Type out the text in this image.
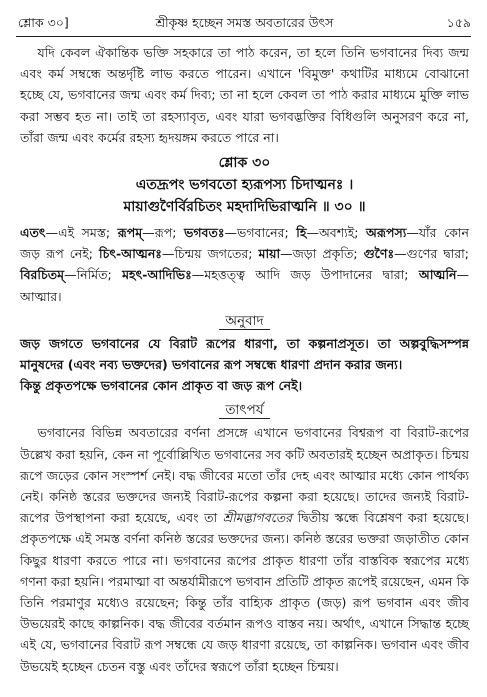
শ্লোক ৩০]	শ্রীকৃষ্ণ হচ্ছেন সমস্ত অবতারের উৎস	১৫৯

যদি কেবল ঐকান্তিক ভক্তি সহকারে তা পাঠ করেন, তা হলে তিনি ভগবানের দিব্য জন্ম এবং কর্ম সম্বন্ধে অন্তর্দৃষ্টি লাভ করতে পারেন। এখানে 'বিমুক্ত' কথাটির মাধ্যমে বোঝানো হচ্ছে যে, ভগবানের জন্ম এবং কর্ম দিব্য; তা না হলে কেবল তা পাঠ করার মাধ্যমে মুক্তি লাভ করা সম্ভব হত না। তাই তা রহস্যাবৃত, এবং যারা ভগবদ্ভক্তির বিধিগুলি অনুসরণ করে না, তাঁরা জন্ম এবং কর্মের রহস্য হৃদয়ঙ্গম করতে পারে না।

শ্লোক ৩০
এতদ্রূপং ভগবতো হ্যরূপস্য চিদাত্মনঃ ।
মায়াগুণৈর্বিরচিতং মহদাদিভিরাত্মনি ॥ ৩০ ॥

এতৎ—এই সমস্ত; রূপম্—রূপ; ভগবতঃ—ভগবানের; হি—অবশ্যই; অরূপস্য—যাঁর কোন জড় রূপ নেই; চিৎ-আত্মনঃ—চিন্ময় জগতের; মায়া—জড়া প্রকৃতি; গুণৈঃ—গুণের দ্বারা; বিরচিতম্—নির্মিত; মহৎ-আদিভিঃ—মহত্তত্ত্ব আদি জড় উপাদানের দ্বারা; আত্মনি—আত্মার।

অনুবাদ

জড় জগতে ভগবানের যে বিরাট রূপের ধারণা, তা কল্পনাপ্রসূত। তা অল্পবুদ্ধিসম্পন্ন মানুষদের (এবং নব্য ভক্তদের) ভগবানের রূপ সম্বন্ধে ধারণা প্রদান করার জন্য।

কিন্তু প্রকৃতপক্ষে ভগবানের কোন প্রাকৃত বা জড় রূপ নেই।

তাৎপর্য

ভগবানের বিভিন্ন অবতারের বর্ণনা প্রসঙ্গে এখানে ভগবানের বিশ্বরূপ বা বিরাট-রূপের উল্লেখ করা হয়নি, কেন না পূর্বোল্লিখিত ভগবানের সব কটি অবতারই হচ্ছেন অপ্রাকৃত। চিন্ময় রূপে জড়ের কোন সংস্পর্শ নেই। বদ্ধ জীবের মতো তাঁর দেহ এবং আত্মার মধ্যে কোন পার্থক্য নেই। কনিষ্ঠ স্তরের ভক্তদের জন্যই বিরাট-রূপের কল্পনা করা হয়েছে। তাদের জন্যই বিরাট-রূপের উপস্থাপনা করা হয়েছে, এবং তা শ্রীমদ্ভাগবতের দ্বিতীয় স্কন্ধে বিশ্লেষণ করা হয়েছে। প্রকৃতপক্ষে এই সমস্ত বর্ণনা কনিষ্ঠ স্তরের ভক্তদের জন্য। কনিষ্ঠ স্তরের ভক্তরা জড়াতীত কোন কিছুর ধারণা করতে পারে না। ভগবানের রূপের প্রাকৃত ধারণা তাঁর বাস্তবিক স্বরূপের মধ্যে গণনা করা হয়নি। পরমাত্মা বা অন্তর্যামীরূপে ভগবান প্রতিটি প্রাকৃত রূপেই রয়েছেন, এমন কি তিনি পরমাণুর মধ্যেও রয়েছেন; কিন্তু তাঁর বাহ্যিক প্রাকৃত (জড়) রূপ ভগবান এবং জীব উভয়েরই কাছে কাল্পনিক। বদ্ধ জীবের বর্তমান রূপও বাস্তব নয়। অর্থাৎ, এখানে সিদ্ধান্ত হচ্ছে এই যে, ভগবানের বিরাট রূপ সম্বন্ধে যে জড় ধারণা রয়েছে, তা কাল্পনিক। ভগবান এবং জীব উভয়েই হচ্ছেন চেতন বস্তু এবং তাঁদের স্বরূপে তাঁরা হচ্ছেন চিন্ময়।
